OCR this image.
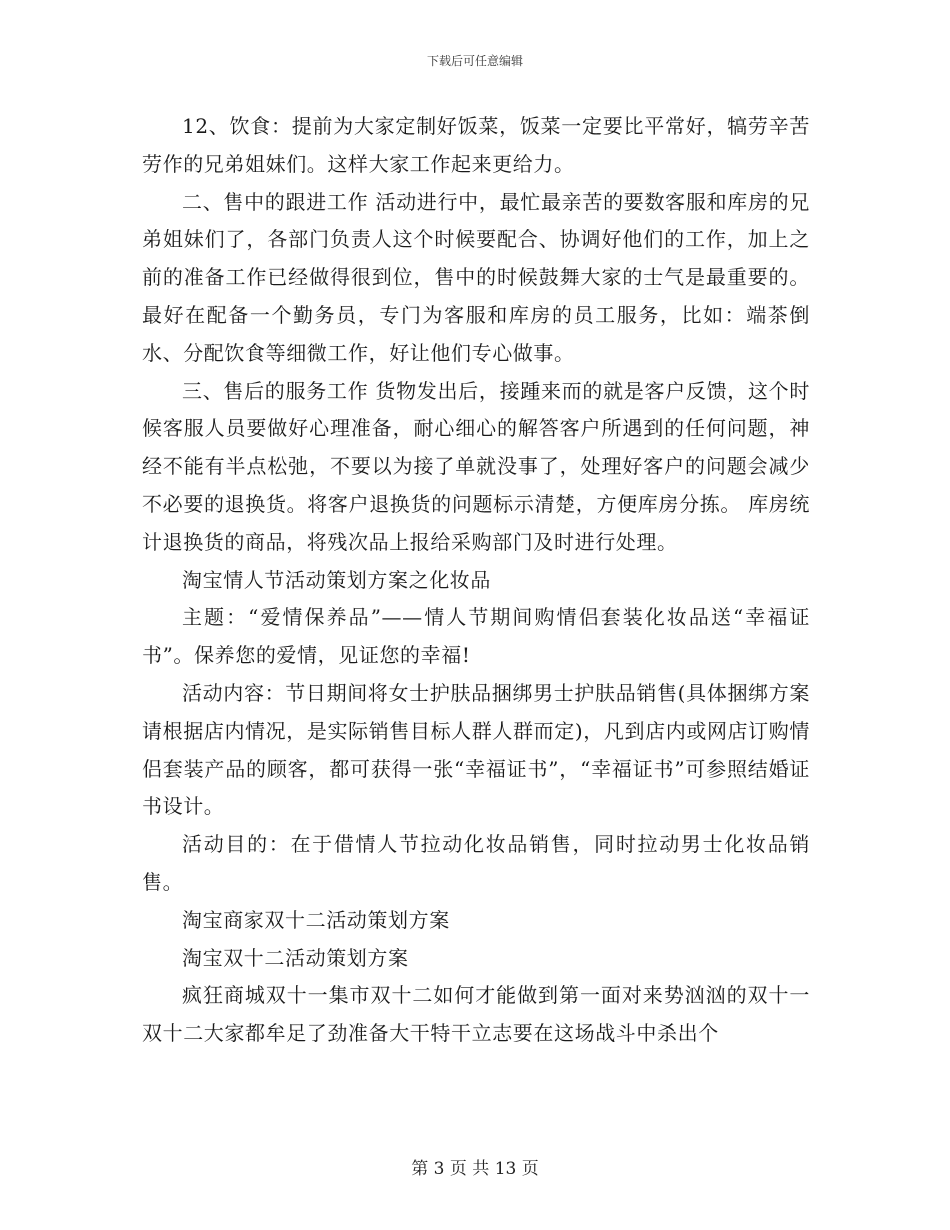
下载后可任意编辑

12、饮食：提前为大家定制好饭菜，饭菜一定要比平常好，犒劳辛苦劳作的兄弟姐妹们。这样大家工作起来更给力。

二、售中的跟进工作 活动进行中，最忙最亲苦的要数客服和库房的兄弟姐妹们了，各部门负责人这个时候要配合、协调好他们的工作，加上之前的准备工作已经做得很到位，售中的时候鼓舞大家的士气是最重要的。最好在配备一个勤务员，专门为客服和库房的员工服务，比如：端茶倒水、分配饮食等细微工作，好让他们专心做事。

三、售后的服务工作 货物发出后，接踵来而的就是客户反馈，这个时候客服人员要做好心理准备，耐心细心的解答客户所遇到的任何问题，神经不能有半点松弛，不要以为接了单就没事了，处理好客户的问题会减少不必要的退换货。将客户退换货的问题标示清楚，方便库房分拣。 库房统计退换货的商品，将残次品上报给采购部门及时进行处理。

淘宝情人节活动策划方案之化妆品

主题：“爱情保养品”——情人节期间购情侣套装化妆品送“幸福证书”。保养您的爱情，见证您的幸福!

活动内容：节日期间将女士护肤品捆绑男士护肤品销售(具体捆绑方案请根据店内情况，是实际销售目标人群人群而定)，凡到店内或网店订购情侣套装产品的顾客，都可获得一张“幸福证书”，“幸福证书”可参照结婚证书设计。

活动目的：在于借情人节拉动化妆品销售，同时拉动男士化妆品销售。

淘宝商家双十二活动策划方案

淘宝双十二活动策划方案

疯狂商城双十一集市双十二如何才能做到第一面对来势汹汹的双十一双十二大家都牟足了劲准备大干特干立志要在这场战斗中杀出个

第 3 页 共 13 页
